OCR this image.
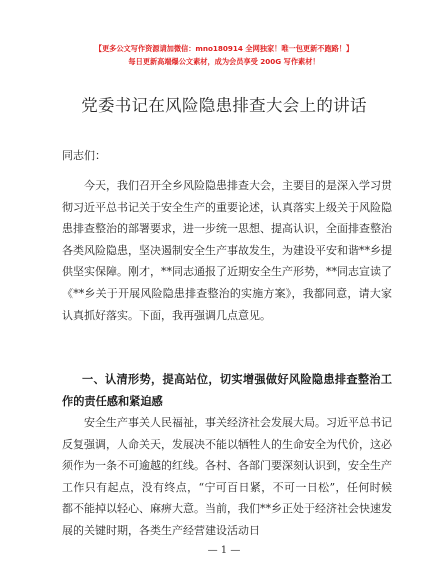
【更多公文写作资源请加微信：mno180914 全网独家！唯一包更新不跑路！】
每日更新高端爆公文素材，成为会员享受 200G 写作素材！
党委书记在风险隐患排查大会上的讲话
同志们：
今天，我们召开全乡风险隐患排查大会，主要目的是深入学习贯彻习近平总书记关于安全生产的重要论述，认真落实上级关于风险隐患排查整治的部署要求，进一步统一思想、提高认识，全面排查整治各类风险隐患，坚决遏制安全生产事故发生，为建设平安和谐**乡提供坚实保障。刚才，**同志通报了近期安全生产形势，**同志宣读了《**乡关于开展风险隐患排查整治的实施方案》，我都同意，请大家认真抓好落实。下面，我再强调几点意见。
一、认清形势，提高站位，切实增强做好风险隐患排查整治工作的责任感和紧迫感
安全生产事关人民福祉，事关经济社会发展大局。习近平总书记反复强调，人命关天，发展决不能以牺牲人的生命安全为代价，这必须作为一条不可逾越的红线。各村、各部门要深刻认识到，安全生产工作只有起点，没有终点，“宁可百日紧，不可一日松”，任何时候都不能掉以轻心、麻痹大意。当前，我们**乡正处于经济社会快速发展的关键时期，各类生产经营建设活动日
— 1 —
